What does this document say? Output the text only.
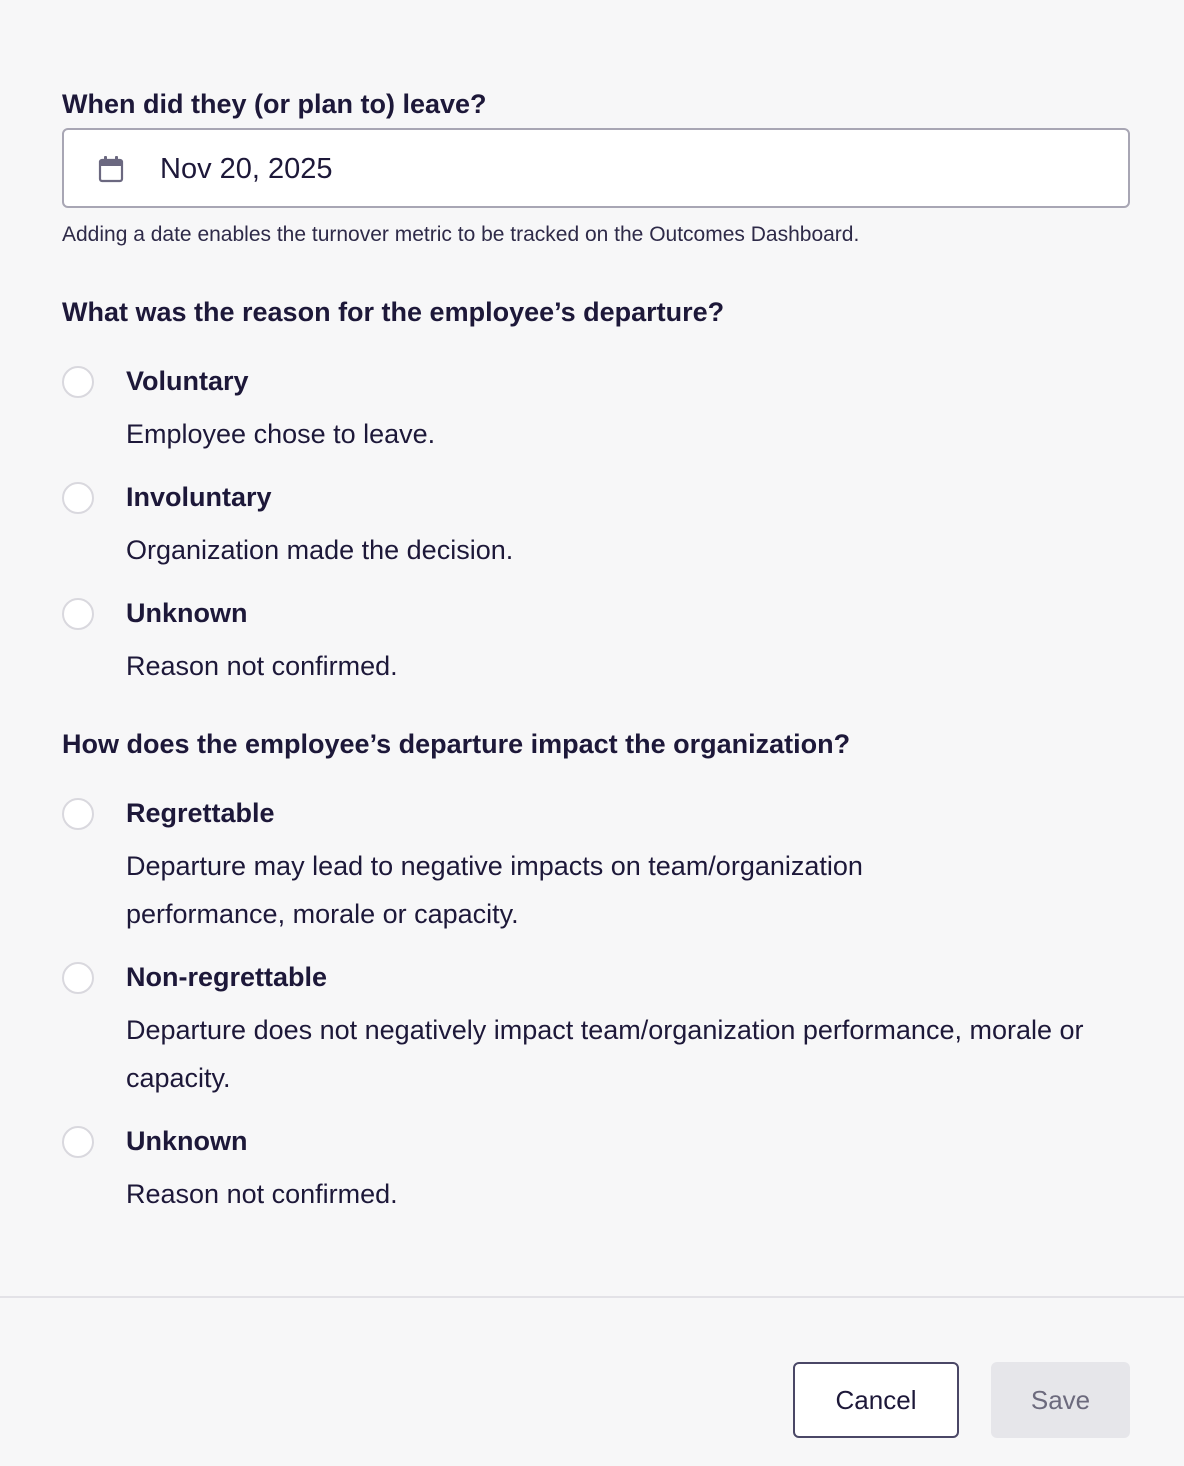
When did they (or plan to) leave?
Nov 20, 2025
Adding a date enables the turnover metric to be tracked on the Outcomes Dashboard.
What was the reason for the employee’s departure?
Voluntary
Employee chose to leave.
Involuntary
Organization made the decision.
Unknown
Reason not confirmed.
How does the employee’s departure impact the organization?
Regrettable
Departure may lead to negative impacts on team/organization performance, morale or capacity.
Non-regrettable
Departure does not negatively impact team/organization performance, morale or capacity.
Unknown
Reason not confirmed.
Cancel	Save
